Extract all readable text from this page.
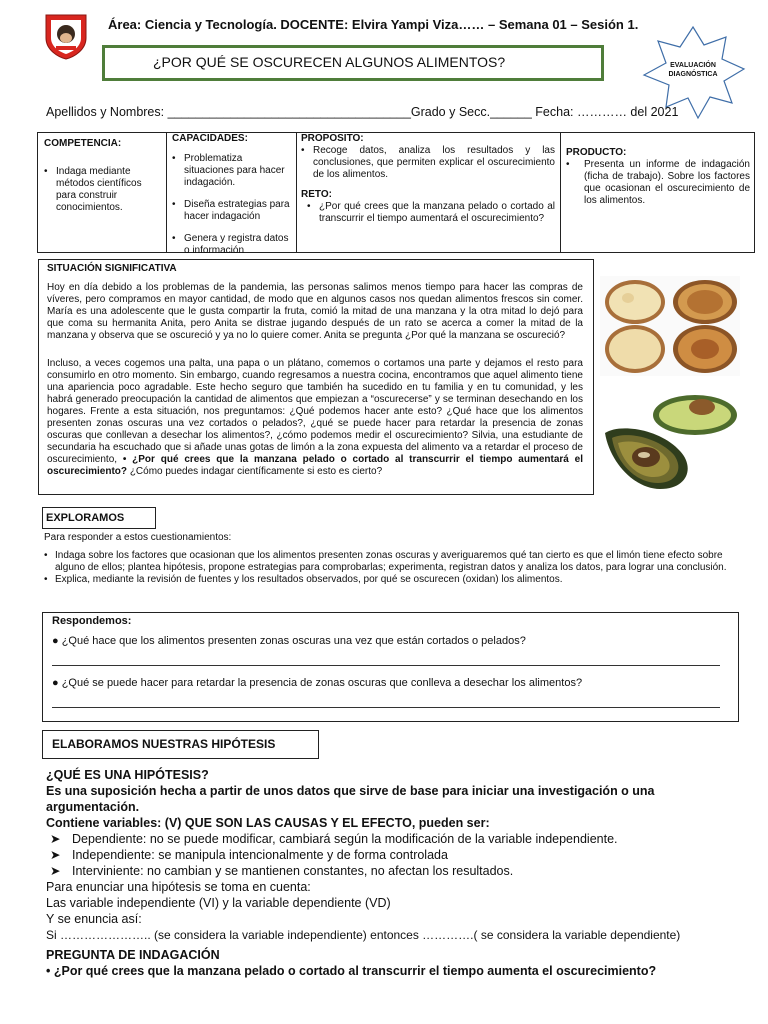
Área: Ciencia y Tecnología. DOCENTE: Elvira Yampi Viza…… – Semana 01 – Sesión 1.
¿POR QUÉ SE OSCURECEN ALGUNOS ALIMENTOS?	EVALUACIÓN
DIAGNÓSTICA
Apellidos y Nombres: ___________________________________Grado y Secc.______ Fecha: ………… del 2021
COMPETENCIA:
• Indaga mediante métodos científicos para construir conocimientos.
CAPACIDADES:
• Problematiza situaciones para hacer indagación.
• Diseña estrategias para hacer indagación
• Genera y registra datos o información
PROPOSITO:
• Recoge datos, analiza los resultados y las conclusiones, que permiten explicar el oscurecimiento de los alimentos.
RETO:
• ¿Por qué crees que la manzana pelado o cortado al transcurrir el tiempo aumentará el oscurecimiento?
PRODUCTO:
• Presenta un informe de indagación (ficha de trabajo). Sobre los factores que ocasionan el oscurecimiento de los alimentos.
SITUACIÓN SIGNIFICATIVA
Hoy en día debido a los problemas de la pandemia, las personas salimos menos tiempo para hacer las compras de víveres, pero compramos en mayor cantidad, de modo que en algunos casos nos quedan alimentos frescos sin comer. María es una adolescente que le gusta compartir la fruta, comió la mitad de una manzana y la otra mitad lo dejó para que coma su hermanita Anita, pero Anita se distrae jugando después de un rato se acerca a comer la mitad de la manzana y observa que se oscureció y ya no lo quiere comer. Anita se pregunta ¿Por qué la manzana se oscureció?
Incluso, a veces cogemos una palta, una papa o un plátano, comemos o cortamos una parte y dejamos el resto para consumirlo en otro momento. Sin embargo, cuando regresamos a nuestra cocina, encontramos que aquel alimento tiene una apariencia poco agradable. Este hecho seguro que también ha sucedido en tu familia y en tu comunidad, y les habrá generado preocupación la cantidad de alimentos que empiezan a “oscurecerse” y se terminan desechando en los hogares. Frente a esta situación, nos preguntamos: ¿Qué podemos hacer ante esto? ¿Qué hace que los alimentos presenten zonas oscuras una vez cortados o pelados?, ¿qué se puede hacer para retardar la presencia de zonas oscuras que conllevan a desechar los alimentos?, ¿cómo podemos medir el oscurecimiento? Silvia, una estudiante de secundaria ha escuchado que si añade unas gotas de limón a la zona expuesta del alimento va a retardar el proceso de oscurecimiento, • ¿Por qué crees que la manzana pelado o cortado al transcurrir el tiempo aumentará el oscurecimiento? ¿Cómo puedes indagar científicamente si esto es cierto?
EXPLORAMOS
Para responder a estos cuestionamientos:
• Indaga sobre los factores que ocasionan que los alimentos presenten zonas oscuras y averiguaremos qué tan cierto es que el limón tiene efecto sobre alguno de ellos; plantea hipótesis, propone estrategias para comprobarlas; experimenta, registran datos y analiza los datos, para lograr una conclusión.
• Explica, mediante la revisión de fuentes y los resultados observados, por qué se oscurecen (oxidan) los alimentos.
Respondemos:
● ¿Qué hace que los alimentos presenten zonas oscuras una vez que están cortados o pelados?
● ¿Qué se puede hacer para retardar la presencia de zonas oscuras que conlleva a desechar los alimentos?
ELABORAMOS NUESTRAS HIPÓTESIS
¿QUÉ ES UNA HIPÓTESIS?
Es una suposición hecha a partir de unos datos que sirve de base para iniciar una investigación o una argumentación.
Contiene variables: (V) QUE SON LAS CAUSAS Y EL EFECTO, pueden ser:
➤ Dependiente: no se puede modificar, cambiará según la modificación de la variable independiente.
➤ Independiente: se manipula intencionalmente y de forma controlada
➤ Interviniente: no cambian y se mantienen constantes, no afectan los resultados.
Para enunciar una hipótesis se toma en cuenta:
Las variable independiente (VI) y la variable dependiente (VD)
Y se enuncia así:
Si ………………….. (se considera la variable independiente) entonces ………….( se considera la variable dependiente)
PREGUNTA DE INDAGACIÓN
• ¿Por qué crees que la manzana pelado o cortado al transcurrir el tiempo aumenta el oscurecimiento?
